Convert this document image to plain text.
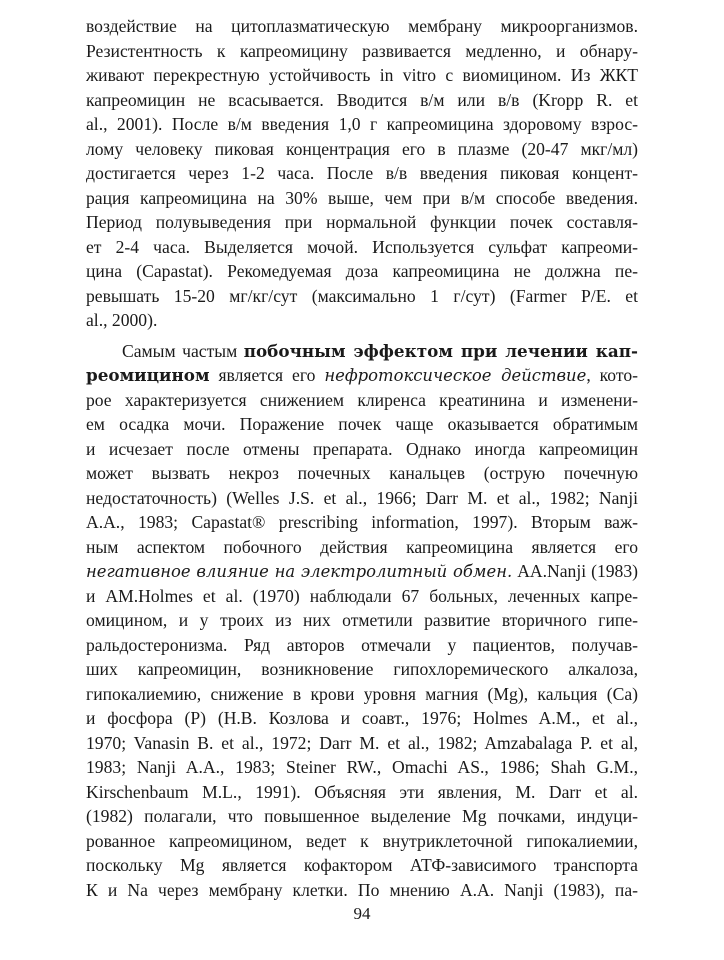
воздействие на цитоплазматическую мембрану микроорганизмов.
Резистентность к капреомицину развивается медленно, и обнару-
живают перекрестную устойчивость in vitro с виомицином. Из ЖКТ
капреомицин не всасывается. Вводится в/м или в/в (Kropp R. et
al., 2001). После в/м введения 1,0 г капреомицина здоровому взрос-
лому человеку пиковая концентрация его в плазме (20-47 мкг/мл)
достигается через 1-2 часа. После в/в введения пиковая концент-
рация капреомицина на 30% выше, чем при в/м способе введения.
Период полувыведения при нормальной функции почек составля-
ет 2-4 часа. Выделяется мочой. Используется сульфат капреоми-
цина (Capastat). Рекомедуемая доза капреомицина не должна пе-
ревышать 15-20 мг/кг/сут (максимально 1 г/сут) (Farmer P/E. et
al., 2000).
Самым частым побочным эффектом при лечении кап-
реомицином является его нефротоксическое действие, кото-
рое характеризуется снижением клиренса креатинина и изменени-
ем осадка мочи. Поражение почек чаще оказывается обратимым
и исчезает после отмены препарата. Однако иногда капреомицин
может вызвать некроз почечных канальцев (острую почечную
недостаточность) (Welles J.S. et al., 1966; Darr M. et al., 1982; Nanji
A.A., 1983; Capastat® prescribing information, 1997). Вторым важ-
ным аспектом побочного действия капреомицина является его
негативное влияние на электролитный обмен. AA.Nanji (1983)
и AM.Holmes et al. (1970) наблюдали 67 больных, леченных капре-
омицином, и у троих из них отметили развитие вторичного гипе-
ральдостеронизма. Ряд авторов отмечали у пациентов, получав-
ших капреомицин, возникновение гипохлоремического алкалоза,
гипокалиемию, снижение в крови уровня магния (Mg), кальция (Ca)
и фосфора (P) (Н.В. Козлова и соавт., 1976; Holmes A.M., et al.,
1970; Vanasin B. et al., 1972; Darr M. et al., 1982; Amzabalaga P. et al,
1983; Nanji A.A., 1983; Steiner RW., Omachi AS., 1986; Shah G.M.,
Kirschenbaum M.L., 1991). Объясняя эти явления, M. Darr et al.
(1982) полагали, что повышенное выделение Mg почками, индуци-
рованное капреомицином, ведет к внутриклеточной гипокалиемии,
поскольку Mg является кофактором АТФ-зависимого транспорта
К и Na через мембрану клетки. По мнению A.A. Nanji (1983), па-
94
